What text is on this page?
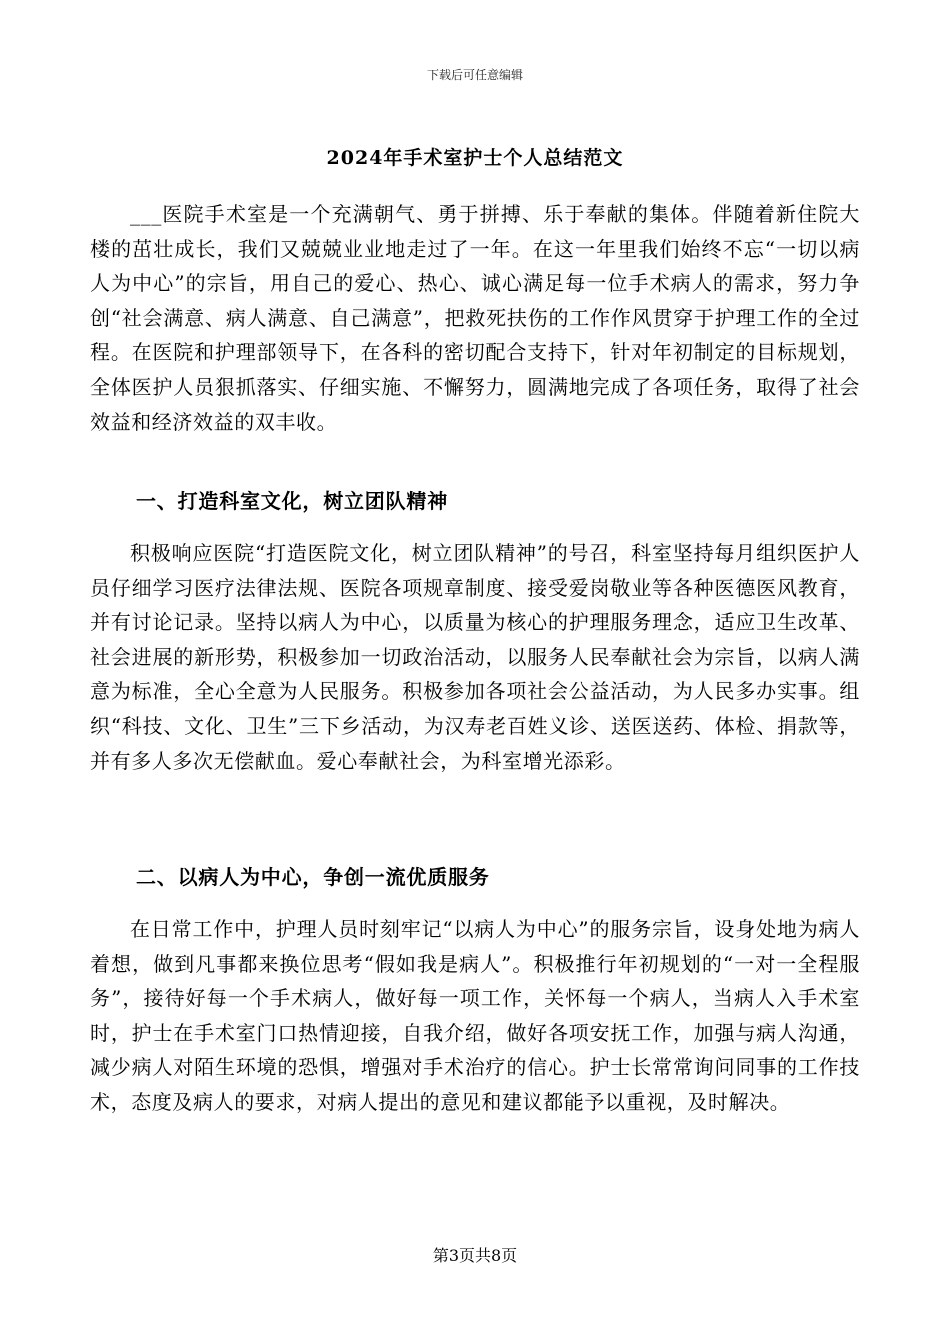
下载后可任意编辑
2024年手术室护士个人总结范文

___医院手术室是一个充满朝气、勇于拼搏、乐于奉献的集体。伴随着新住院大楼的茁壮成长，我们又兢兢业业地走过了一年。在这一年里我们始终不忘“一切以病人为中心”的宗旨，用自己的爱心、热心、诚心满足每一位手术病人的需求，努力争创“社会满意、病人满意、自己满意”，把救死扶伤的工作作风贯穿于护理工作的全过程。在医院和护理部领导下，在各科的密切配合支持下，针对年初制定的目标规划，全体医护人员狠抓落实、仔细实施、不懈努力，圆满地完成了各项任务，取得了社会效益和经济效益的双丰收。

一、打造科室文化，树立团队精神

积极响应医院“打造医院文化，树立团队精神”的号召，科室坚持每月组织医护人员仔细学习医疗法律法规、医院各项规章制度、接受爱岗敬业等各种医德医风教育，并有讨论记录。坚持以病人为中心，以质量为核心的护理服务理念，适应卫生改革、社会进展的新形势，积极参加一切政治活动，以服务人民奉献社会为宗旨，以病人满意为标准，全心全意为人民服务。积极参加各项社会公益活动，为人民多办实事。组织“科技、文化、卫生”三下乡活动，为汉寿老百姓义诊、送医送药、体检、捐款等，并有多人多次无偿献血。爱心奉献社会，为科室增光添彩。

二、以病人为中心，争创一流优质服务

在日常工作中，护理人员时刻牢记“以病人为中心”的服务宗旨，设身处地为病人着想，做到凡事都来换位思考“假如我是病人”。积极推行年初规划的“一对一全程服务”，接待好每一个手术病人，做好每一项工作，关怀每一个病人，当病人入手术室时，护士在手术室门口热情迎接，自我介绍，做好各项安抚工作，加强与病人沟通，减少病人对陌生环境的恐惧，增强对手术治疗的信心。护士长常常询问同事的工作技术，态度及病人的要求，对病人提出的意见和建议都能予以重视，及时解决。

第3页共8页
